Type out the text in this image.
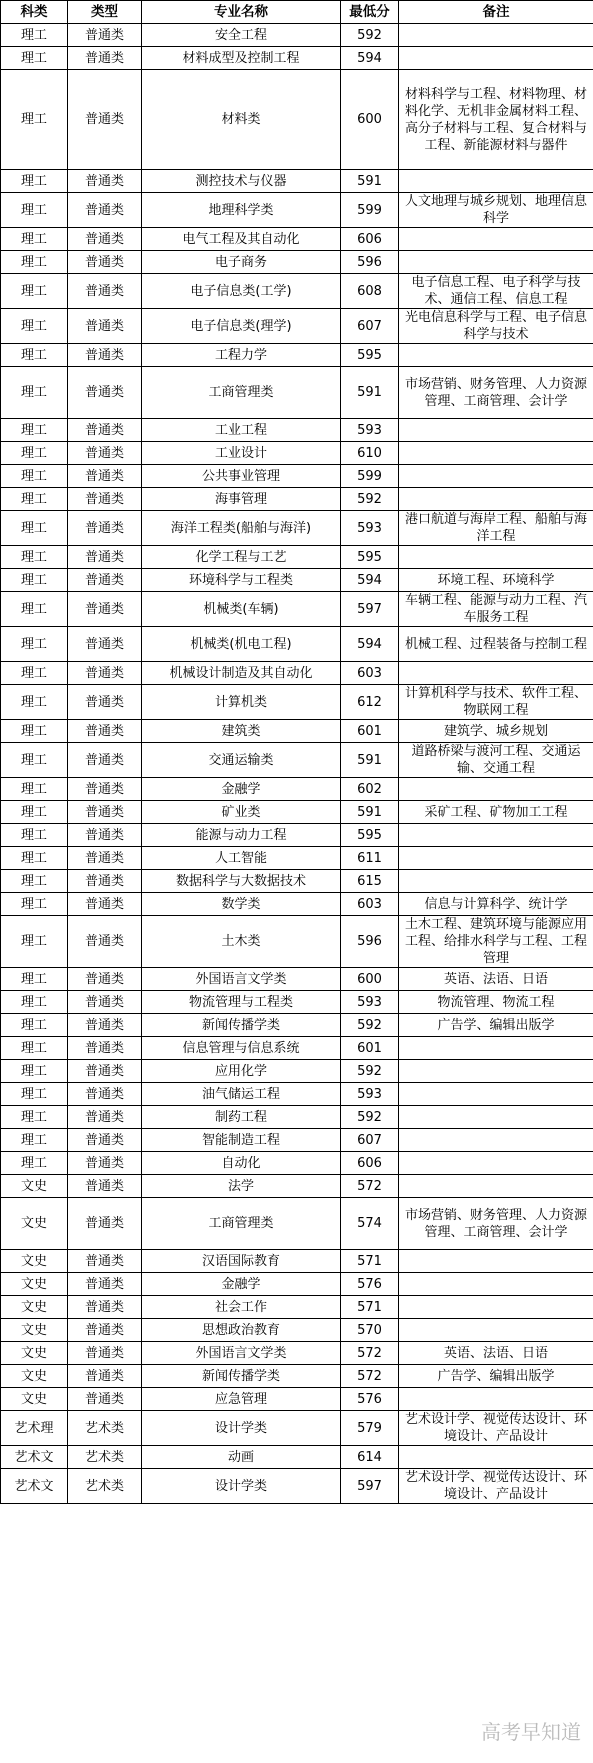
科类	类型	专业名称	最低分	备注
理工	普通类	安全工程	592	
理工	普通类	材料成型及控制工程	594	
理工	普通类	材料类	600	材料科学与工程、材料物理、材料化学、无机非金属材料工程、高分子材料与工程、复合材料与工程、新能源材料与器件
理工	普通类	测控技术与仪器	591	
理工	普通类	地理科学类	599	人文地理与城乡规划、地理信息科学
理工	普通类	电气工程及其自动化	606	
理工	普通类	电子商务	596	
理工	普通类	电子信息类(工学)	608	电子信息工程、电子科学与技术、通信工程、信息工程
理工	普通类	电子信息类(理学)	607	光电信息科学与工程、电子信息科学与技术
理工	普通类	工程力学	595	
理工	普通类	工商管理类	591	市场营销、财务管理、人力资源管理、工商管理、会计学
理工	普通类	工业工程	593	
理工	普通类	工业设计	610	
理工	普通类	公共事业管理	599	
理工	普通类	海事管理	592	
理工	普通类	海洋工程类(船舶与海洋)	593	港口航道与海岸工程、船舶与海洋工程
理工	普通类	化学工程与工艺	595	
理工	普通类	环境科学与工程类	594	环境工程、环境科学
理工	普通类	机械类(车辆)	597	车辆工程、能源与动力工程、汽车服务工程
理工	普通类	机械类(机电工程)	594	机械工程、过程装备与控制工程
理工	普通类	机械设计制造及其自动化	603	
理工	普通类	计算机类	612	计算机科学与技术、软件工程、物联网工程
理工	普通类	建筑类	601	建筑学、城乡规划
理工	普通类	交通运输类	591	道路桥梁与渡河工程、交通运输、交通工程
理工	普通类	金融学	602	
理工	普通类	矿业类	591	采矿工程、矿物加工工程
理工	普通类	能源与动力工程	595	
理工	普通类	人工智能	611	
理工	普通类	数据科学与大数据技术	615	
理工	普通类	数学类	603	信息与计算科学、统计学
理工	普通类	土木类	596	土木工程、建筑环境与能源应用工程、给排水科学与工程、工程管理
理工	普通类	外国语言文学类	600	英语、法语、日语
理工	普通类	物流管理与工程类	593	物流管理、物流工程
理工	普通类	新闻传播学类	592	广告学、编辑出版学
理工	普通类	信息管理与信息系统	601	
理工	普通类	应用化学	592	
理工	普通类	油气储运工程	593	
理工	普通类	制药工程	592	
理工	普通类	智能制造工程	607	
理工	普通类	自动化	606	
文史	普通类	法学	572	
文史	普通类	工商管理类	574	市场营销、财务管理、人力资源管理、工商管理、会计学
文史	普通类	汉语国际教育	571	
文史	普通类	金融学	576	
文史	普通类	社会工作	571	
文史	普通类	思想政治教育	570	
文史	普通类	外国语言文学类	572	英语、法语、日语
文史	普通类	新闻传播学类	572	广告学、编辑出版学
文史	普通类	应急管理	576	
艺术理	艺术类	设计学类	579	艺术设计学、视觉传达设计、环境设计、产品设计
艺术文	艺术类	动画	614	
艺术文	艺术类	设计学类	597	艺术设计学、视觉传达设计、环境设计、产品设计
高考早知道
